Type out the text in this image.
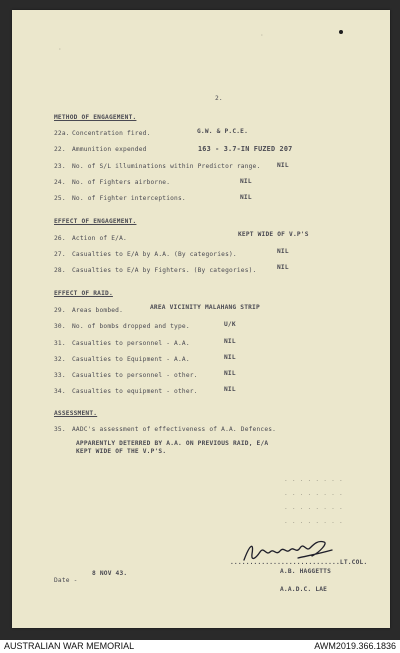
·
·
2.
METHOD OF ENGAGEMENT.
22a. Concentration fired.	G.W. & P.C.E.
22. Ammunition expended	163 - 3.7-IN FUZED 207
23. No. of S/L illuminations within Predictor range.	NIL
24. No. of Fighters airborne.	NIL
25. No. of Fighter interceptions.	NIL
EFFECT OF ENGAGEMENT.
26. Action of E/A.
KEPT WIDE OF V.P'S
27. Casualties to E/A by A.A. (By categories).	NIL
28. Casualties to E/A by Fighters. (By categories).	NIL
EFFECT OF RAID.
29. Areas bombed.	AREA VICINITY MALAHANG STRIP
30. No. of bombs dropped and type.	U/K
31. Casualties to personnel - A.A.	NIL
32. Casualties to Equipment - A.A.	NIL
33. Casualties to personnel - other.	NIL
34. Casualties to equipment - other.	NIL
ASSESSMENT.
35. AADC's assessment of effectiveness of A.A. Defences.
APPARENTLY DETERRED BY A.A. ON PREVIOUS RAID, E/A
KEPT WIDE OF THE V.P'S.
. . . . . . . .
. . . . . . . .
. . . . . . . .
. . . . . . . .
............................LT.COL.
A.B. HAGGETTS
A.A.D.C. LAE
Date -
8 NOV 43.
AUSTRALIAN WAR MEMORIAL	AWM2019.366.1836
